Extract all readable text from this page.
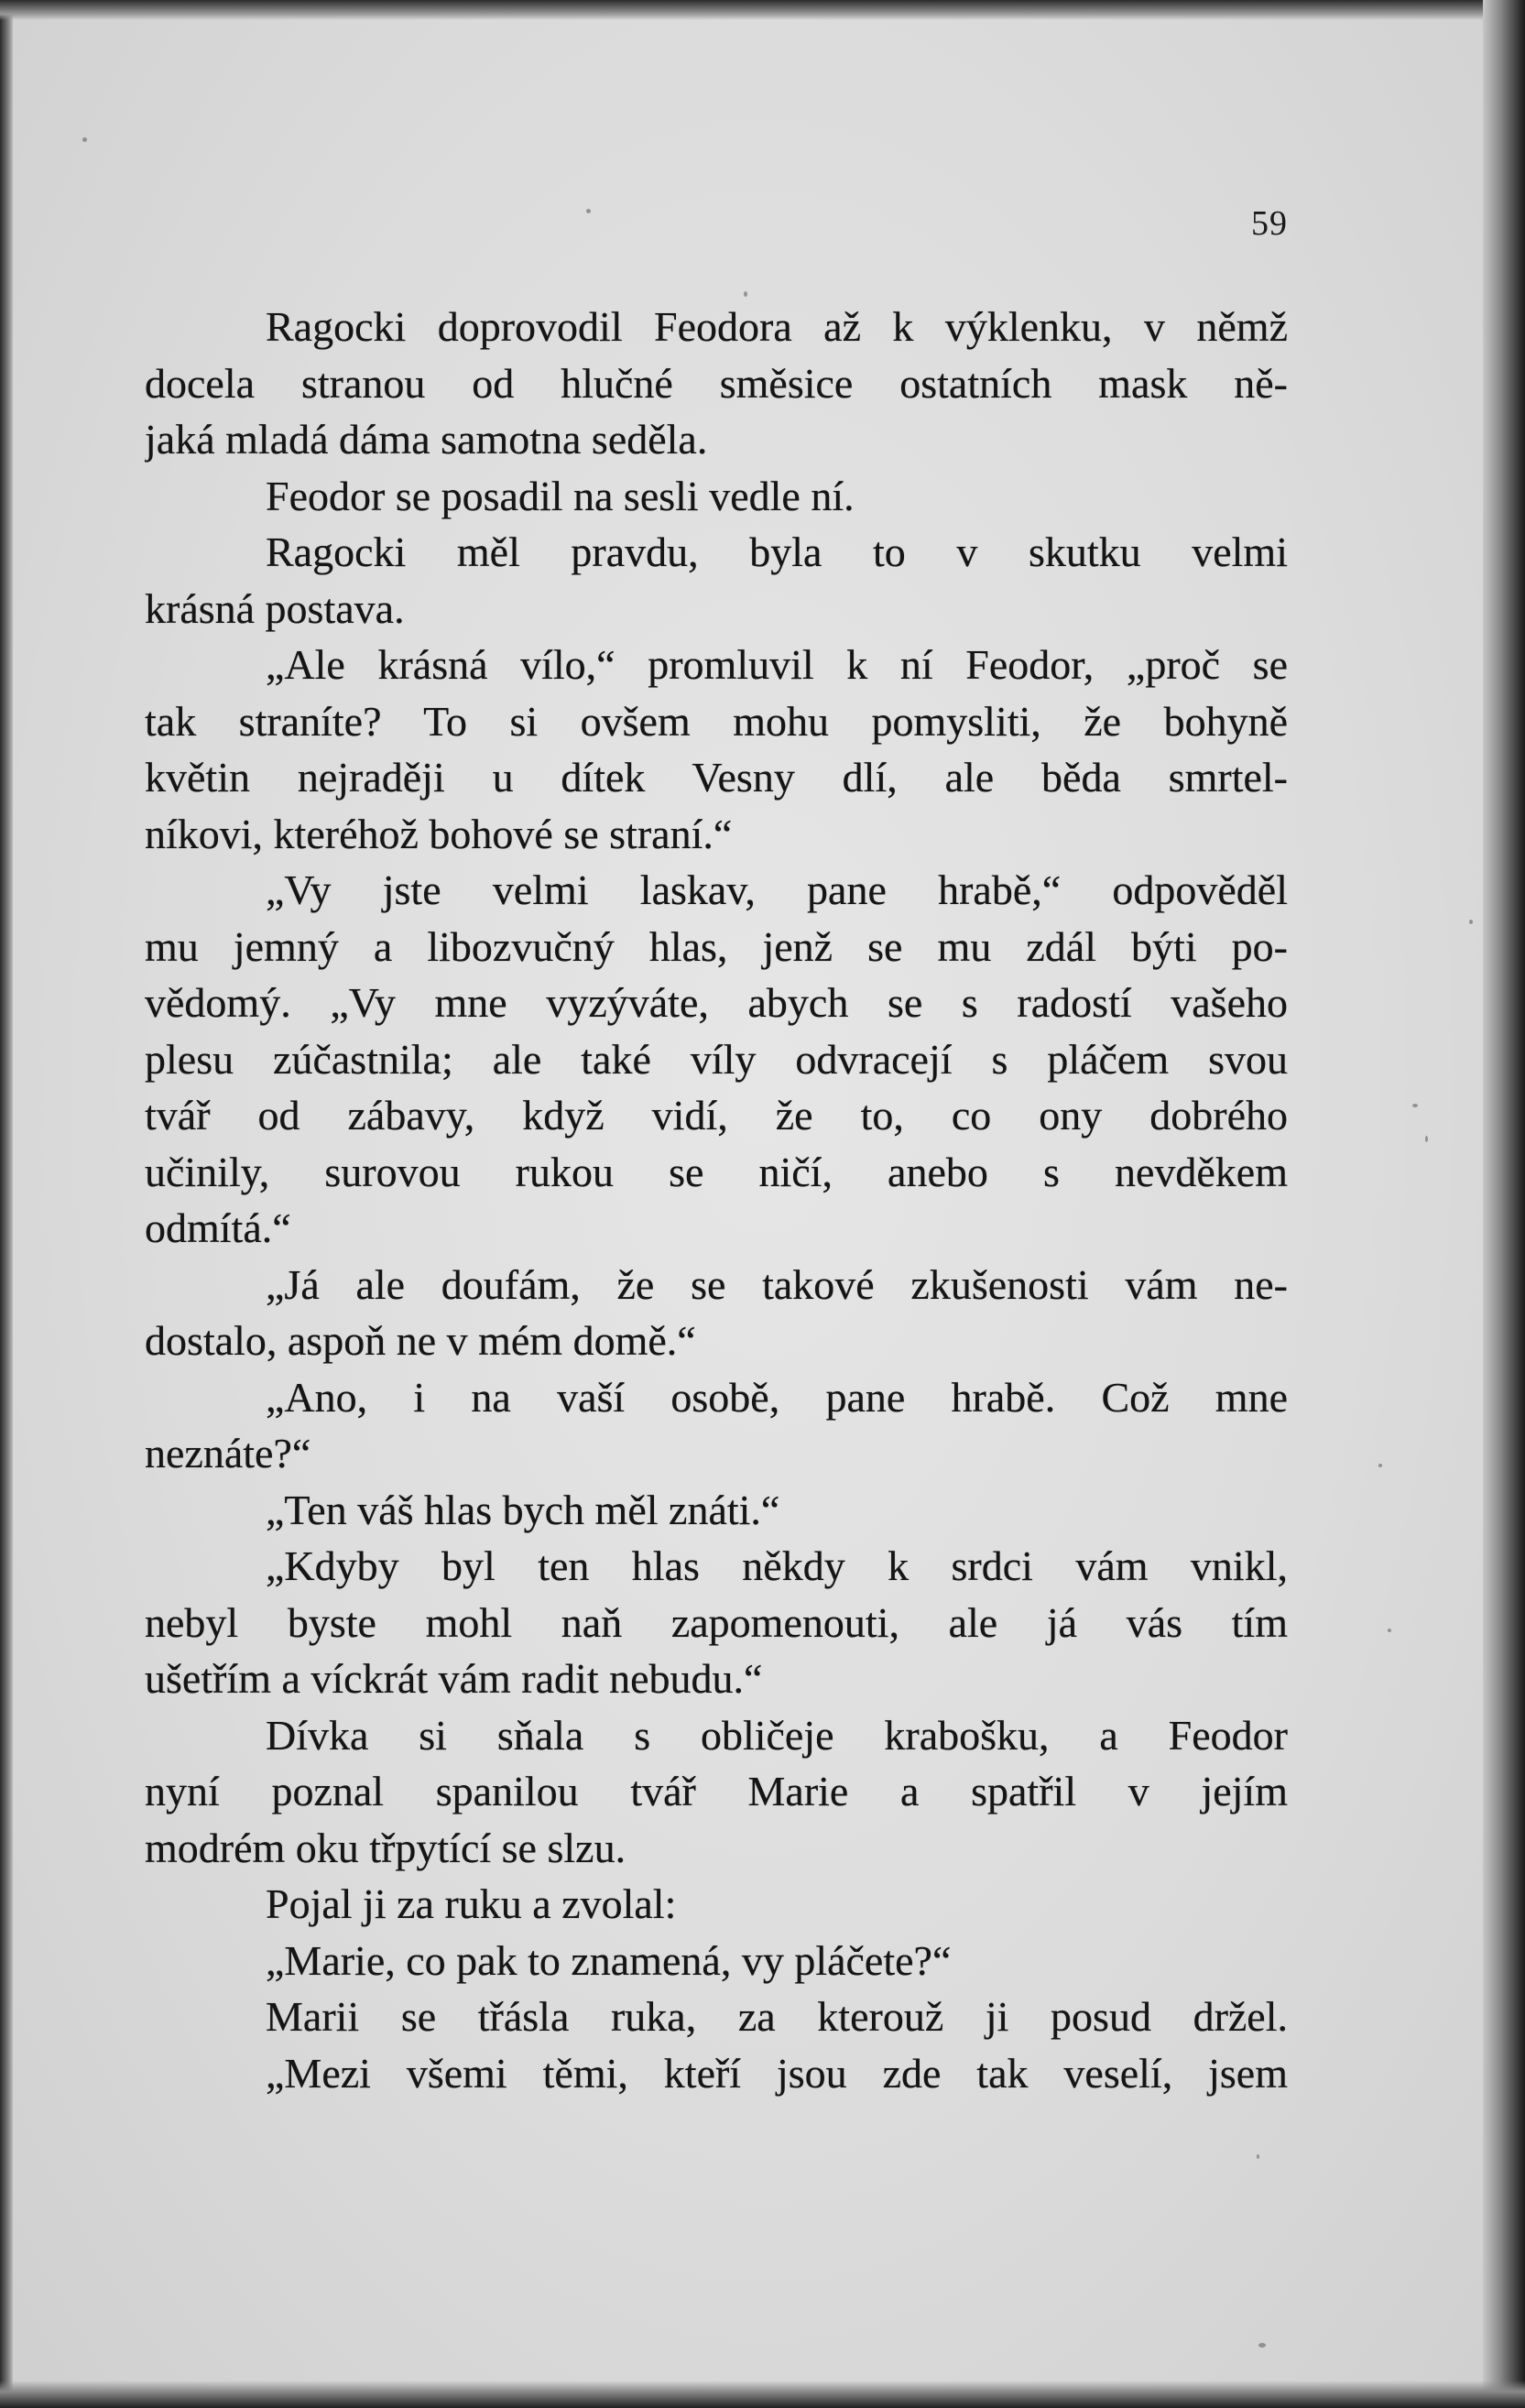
59
Ragocki doprovodil Feodora až k výklenku, v němž
docela stranou od hlučné směsice ostatních mask ně-
jaká mladá dáma samotna seděla.
Feodor se posadil na sesli vedle ní.
Ragocki měl pravdu, byla to v skutku velmi
krásná postava.
„Ale krásná vílo,“ promluvil k ní Feodor, „proč se
tak straníte? To si ovšem mohu pomysliti, že bohyně
květin nejraději u dítek Vesny dlí, ale běda smrtel-
níkovi, kteréhož bohové se straní.“
„Vy jste velmi laskav, pane hrabě,“ odpověděl
mu jemný a libozvučný hlas, jenž se mu zdál býti po-
vědomý. „Vy mne vyzýváte, abych se s radostí vašeho
plesu zúčastnila; ale také víly odvracejí s pláčem svou
tvář od zábavy, když vidí, že to, co ony dobrého
učinily, surovou rukou se ničí, anebo s nevděkem
odmítá.“
„Já ale doufám, že se takové zkušenosti vám ne-
dostalo, aspoň ne v mém domě.“
„Ano, i na vaší osobě, pane hrabě. Což mne
neznáte?“
„Ten váš hlas bych měl znáti.“
„Kdyby byl ten hlas někdy k srdci vám vnikl,
nebyl byste mohl naň zapomenouti, ale já vás tím
ušetřím a víckrát vám radit nebudu.“
Dívka si sňala s obličeje krabošku, a Feodor
nyní poznal spanilou tvář Marie a spatřil v jejím
modrém oku třpytící se slzu.
Pojal ji za ruku a zvolal:
„Marie, co pak to znamená, vy pláčete?“
Marii se třásla ruka, za kterouž ji posud držel.
„Mezi všemi těmi, kteří jsou zde tak veselí, jsem
